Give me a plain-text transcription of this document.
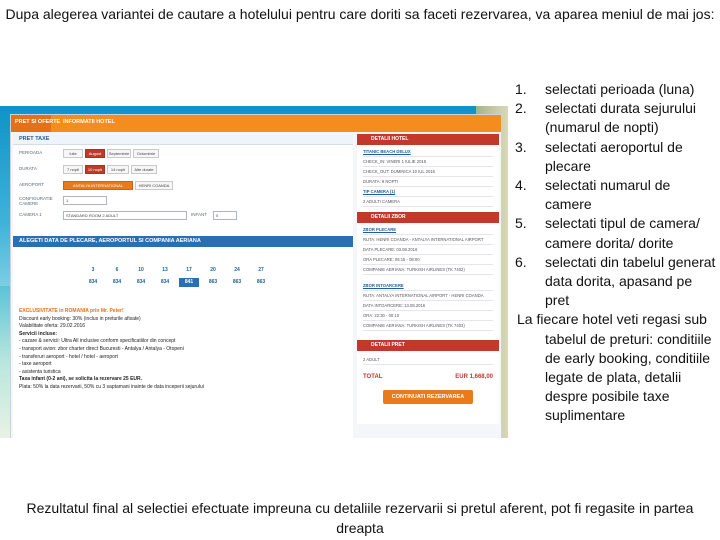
Dupa alegerea variantei de cautare a hotelului pentru care doriti sa faceti rezervarea, va aparea meniul de mai jos:
PRET SI OFERTE INFORMATII HOTEL
PRET TAXE
PERIOADA	Iulie	August	Septembrie	Octombrie
DURATA	7 nopti	10 nopti	14 nopti	Alte durate
AEROPORT	ANTALYA INTERNATIONAL AIRPORT
HENRI COANDA
CONFIGURATIE CAMERE
1
CAMERA 1	STANDARD ROOM 2 ADULT	INFANT	0
ALEGETI DATA DE PLECARE, AEROPORTUL SI COMPANIA AERIANA
3	6	10	13	17	20	24	27
834	834	834	834	841	863	863	863
EXCLUSIVITATE in ROMANIA prin Mr. Peter!
Discount early booking: 30% (inclus in preturile afisate)
Valabilitate oferta: 29.02.2016
Servicii incluse:
- cazare & servicii: Ultra All inclusive conform specificatiilor din concept
- transport avion: zbor charter direct Bucuresti - Antalya / Antalya - Otopeni
- transferuri aeroport - hotel / hotel - aeroport
- taxe aeroport
- asistenta turistica
Taxa infant (0-2 ani), se solicita la rezervare 25 EUR.
Plata: 50% la data rezervarii, 50% cu 3 saptamani inainte de data inceperii sejurului
DETALII HOTEL
TITANIC BEACH DELUX
CHECK_IN: VINERI 1 IULIE 2016
CHECK_OUT: DUMINICA 10 IUL 2016
DURATA: 9 NOPTI
TIP CAMERA (1)
2 ADULTI CAMERA
DETALII ZBOR
ZBOR PLECARE
RUTA: HENRI COANDA - ANTALYA INTERNATIONAL AIRPORT
DATA PLECARE: 03.08.2016
ORA PLECARE: 06:15 - 08:00
COMPANIE AERIANA: TURKISH AIRLINES (TK 7402)
ZBOR INTOARCERE
RUTA: ANTALYA INTERNATIONAL AIRPORT - HENRI COANDA
DATA INTOARCERE: 13.08.2016
ORA: 22:30 - 00:10
COMPANIE AERIANA: TURKISH AIRLINES (TK 7403)
DETALII PRET
2 ADULT
TOTAL	EUR 1,668,00
CONTINUATI REZERVAREA
1. selectati perioada (luna)
2. selectati durata sejurului (numarul de nopti)
3. selectati aeroportul de plecare
4. selectati numarul de camere
5. selectati tipul de camera/ camere dorita/ dorite
6. selectati din tabelul generat data dorita, apasand pe pret
La fiecare hotel veti regasi sub
tabelul de preturi: conditiile de early booking, conditiile legate de plata, detalii despre posibile taxe suplimentare
Rezultatul final al selectiei efectuate impreuna cu detaliile rezervarii si pretul aferent, pot fi regasite in partea dreapta
